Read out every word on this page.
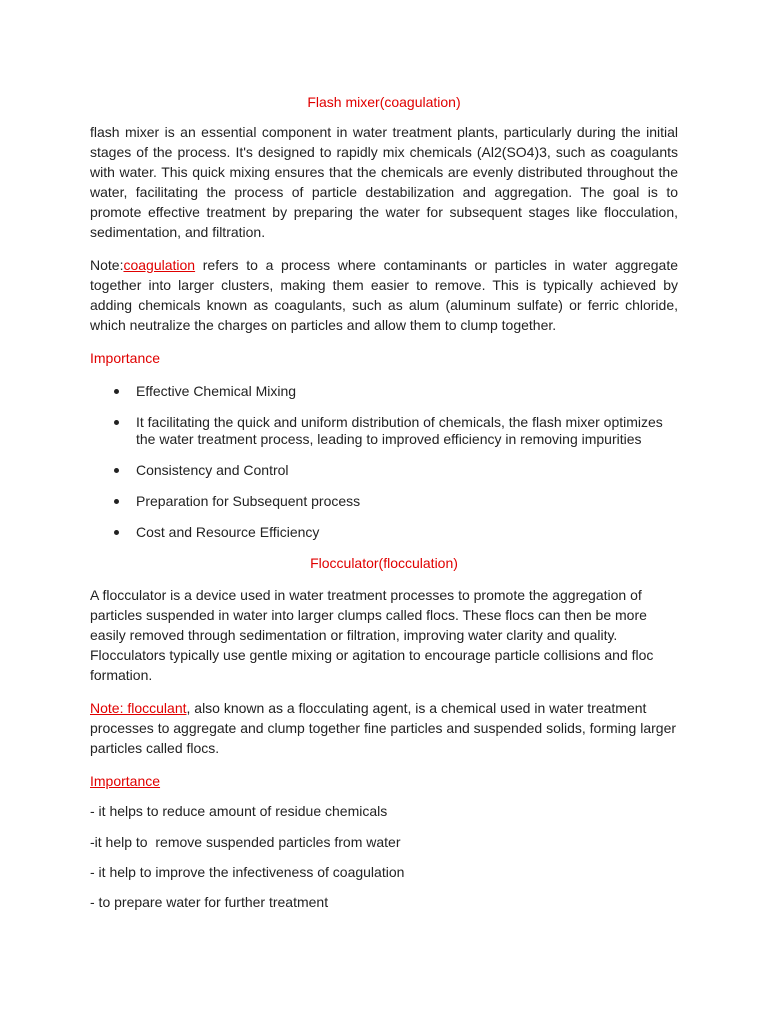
Flash mixer(coagulation)

flash mixer is an essential component in water treatment plants, particularly during the initial stages of the process. It's designed to rapidly mix chemicals (Al2(SO4)3, such as coagulants with water. This quick mixing ensures that the chemicals are evenly distributed throughout the water, facilitating the process of particle destabilization and aggregation. The goal is to promote effective treatment by preparing the water for subsequent stages like flocculation, sedimentation, and filtration.

Note:coagulation refers to a process where contaminants or particles in water aggregate together into larger clusters, making them easier to remove. This is typically achieved by adding chemicals known as coagulants, such as alum (aluminum sulfate) or ferric chloride, which neutralize the charges on particles and allow them to clump together.

Importance
Effective Chemical Mixing
It facilitating the quick and uniform distribution of chemicals, the flash mixer optimizes the water treatment process, leading to improved efficiency in removing impurities
Consistency and Control
Preparation for Subsequent process
Cost and Resource Efficiency
Flocculator(flocculation)

A flocculator is a device used in water treatment processes to promote the aggregation of particles suspended in water into larger clumps called flocs. These flocs can then be more easily removed through sedimentation or filtration, improving water clarity and quality. Flocculators typically use gentle mixing or agitation to encourage particle collisions and floc formation.

Note: flocculant, also known as a flocculating agent, is a chemical used in water treatment processes to aggregate and clump together fine particles and suspended solids, forming larger particles called flocs.

Importance
- it helps to reduce amount of residue chemicals
-it help to  remove suspended particles from water
- it help to improve the infectiveness of coagulation
- to prepare water for further treatment
